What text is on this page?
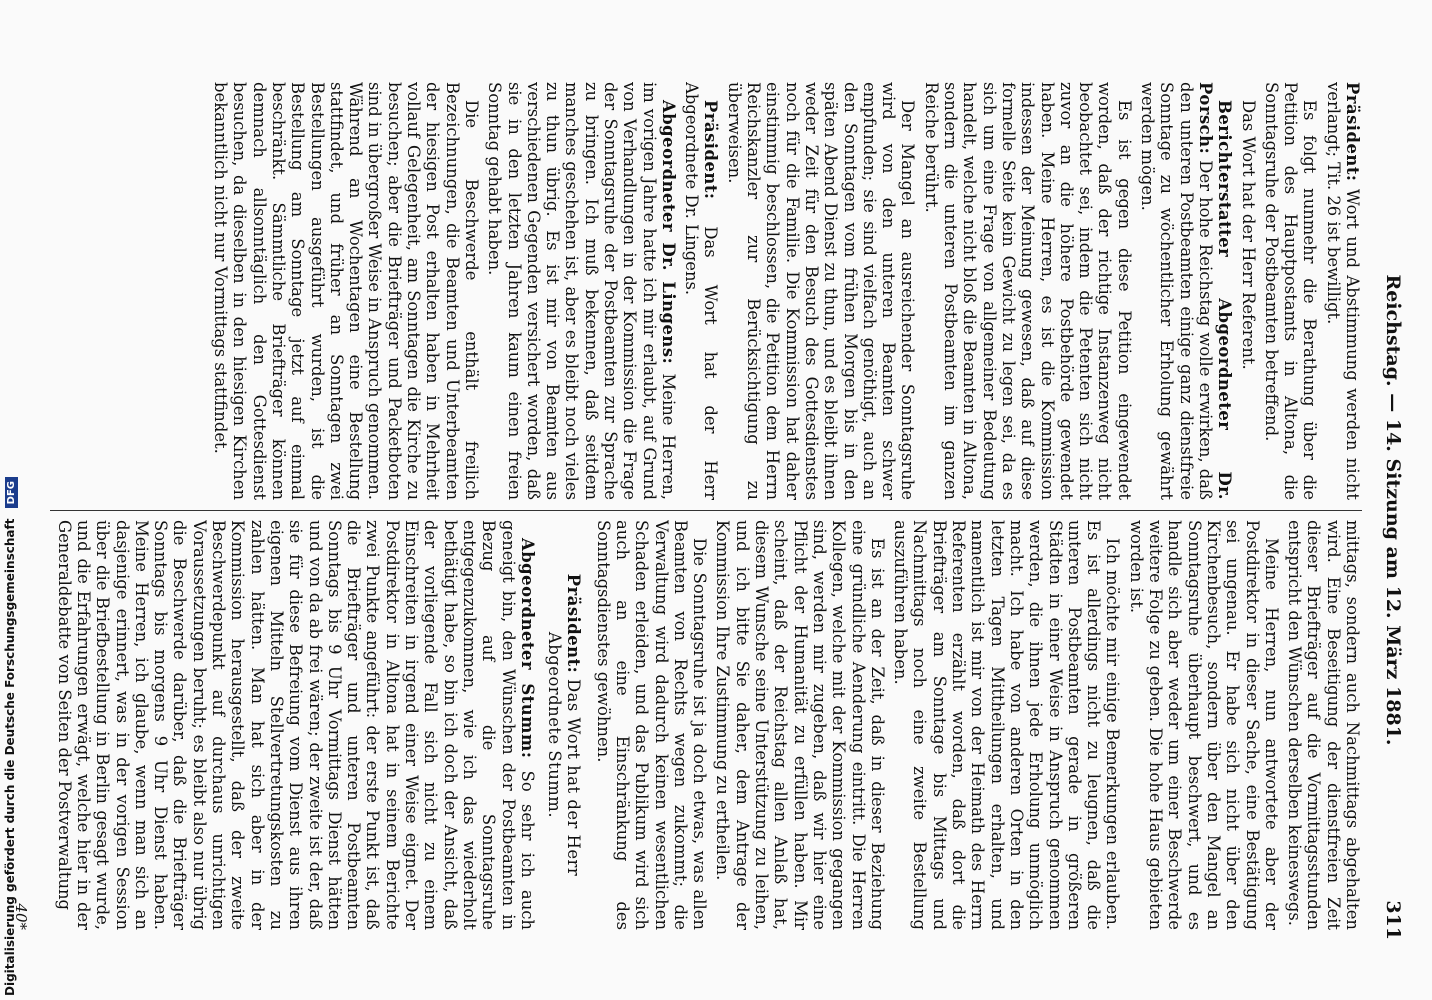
Reichstag. — 14. Sitzung am 12. März 1881.
311

Präsident: Wort und Abstimmung werden nicht verlangt; Tit. 26 ist bewilligt.

Es folgt nunmehr die Berathung über die Petition des Hauptpostamts in Altona, die Sonntagsruhe der Postbeamten betreffend.

Das Wort hat der Herr Referent.

Berichterstatter Abgeordneter Dr. Porsch: Der hohe Reichstag wolle erwirken, daß den unteren Postbeamten einige ganz dienstfreie Sonntage zu wöchentlicher Erholung gewährt werden mögen.

Es ist gegen diese Petition eingewendet worden, daß der richtige Instanzenweg nicht beobachtet sei, indem die Petenten sich nicht zuvor an die höhere Postbehörde gewendet haben. Meine Herren, es ist die Kommission indessen der Meinung gewesen, daß auf diese formelle Seite kein Gewicht zu legen sei, da es sich um eine Frage von allgemeiner Bedeutung handelt, welche nicht bloß die Beamten in Altona, sondern die unteren Postbeamten im ganzen Reiche berührt.

Der Mangel an ausreichender Sonntagsruhe wird von den unteren Beamten schwer empfunden; sie sind vielfach genöthigt, auch an den Sonntagen vom frühen Morgen bis in den späten Abend Dienst zu thun, und es bleibt ihnen weder Zeit für den Besuch des Gottesdienstes noch für die Familie. Die Kommission hat daher einstimmig beschlossen, die Petition dem Herrn Reichskanzler zur Berücksichtigung zu überweisen.

Präsident: Das Wort hat der Herr Abgeordnete Dr. Lingens.

Abgeordneter Dr. Lingens: Meine Herren, im vorigen Jahre hatte ich mir erlaubt, auf Grund von Verhandlungen in der Kommission die Frage der Sonntagsruhe der Postbeamten zur Sprache zu bringen. Ich muß bekennen, daß seitdem manches geschehen ist, aber es bleibt noch vieles zu thun übrig. Es ist mir von Beamten aus verschiedenen Gegenden versichert worden, daß sie in den letzten Jahren kaum einen freien Sonntag gehabt haben.

Die Beschwerde enthält freilich Bezeichnungen, die Beamten und Unterbeamten der hiesigen Post erhalten haben in Mehrheit vollauf Gelegenheit, am Sonntagen die Kirche zu besuchen; aber die Briefträger und Packetboten sind in übergroßer Weise in Anspruch genommen. Während an Wochentagen eine Bestellung stattfindet, und früher an Sonntagen zwei Bestellungen ausgeführt wurden, ist die Bestellung am Sonntage jetzt auf einmal beschränkt. Sämmtliche Briefträger können demnach allsonntäglich den Gottesdienst besuchen, da dieselben in den hiesigen Kirchen bekanntlich nicht nur Vormittags stattfindet.

mittags, sondern auch Nachmittags abgehalten wird. Eine Beseitigung der dienstfreien Zeit dieser Briefträger auf die Vormittagsstunden entspricht den Wünschen derselben keineswegs.

Meine Herren, nun antwortete aber der Postdirektor in dieser Sache, eine Bestätigung sei ungenau. Er habe sich nicht über den Kirchenbesuch, sondern über den Mangel an Sonntagsruhe überhaupt beschwert, und es handle sich aber weder um einer Beschwerde weitere Folge zu geben. Die hohe Haus gebieten worden ist.

Ich möchte mir einige Bemerkungen erlauben. Es ist allerdings nicht zu leugnen, daß die unteren Postbeamten gerade in größeren Städten in einer Weise in Anspruch genommen werden, die ihnen jede Erholung unmöglich macht. Ich habe von anderen Orten in den letzten Tagen Mittheilungen erhalten, und namentlich ist mir von der Heimath des Herrn Referenten erzählt worden, daß dort die Briefträger am Sonntage bis Mittags und Nachmittags noch eine zweite Bestellung auszuführen haben.

Es ist an der Zeit, daß in dieser Beziehung eine gründliche Aenderung eintritt. Die Herren Kollegen, welche mit der Kommission gegangen sind, werden mir zugeben, daß wir hier eine Pflicht der Humanität zu erfüllen haben. Mir scheint, daß der Reichstag allen Anlaß hat, diesem Wunsche seine Unterstützung zu leihen, und ich bitte Sie daher, dem Antrage der Kommission Ihre Zustimmung zu ertheilen.

Die Sonntagsruhe ist ja doch etwas, was allen Beamten von Rechts wegen zukommt; die Verwaltung wird dadurch keinen wesentlichen Schaden erleiden, und das Publikum wird sich auch an eine Einschränkung des Sonntagsdienstes gewöhnen.

Präsident: Das Wort hat der Herr Abgeordnete Stumm.

Abgeordneter Stumm: So sehr ich auch geneigt bin, den Wünschen der Postbeamten in Bezug auf die Sonntagsruhe entgegenzukommen, wie ich das wiederholt bethätigt habe, so bin ich doch der Ansicht, daß der vorliegende Fall sich nicht zu einem Einschreiten in irgend einer Weise eignet. Der Postdirektor in Altona hat in seinem Berichte zwei Punkte angeführt: der erste Punkt ist, daß die Briefträger und unteren Postbeamten Sonntags bis 9 Uhr Vormittags Dienst hätten und von da ab frei wären; der zweite ist der, daß sie für diese Befreiung vom Dienst aus ihren eigenen Mitteln Stellvertretungskosten zu zahlen hätten. Man hat sich aber in der Kommission herausgestellt, daß der zweite Beschwerdepunkt auf durchaus unrichtigen Voraussetzungen beruht; es bleibt also nur übrig die Beschwerde darüber, daß die Briefträger Sonntags bis morgens 9 Uhr Dienst haben. Meine Herren, ich glaube, wenn man sich an dasjenige erinnert, was in der vorigen Session über die Briefbestellung in Berlin gesagt wurde, und die Erfahrungen erwägt, welche hier in der Generaldebatte von Seiten der Postverwaltung

40*
Digitalisierung gefördert durch die Deutsche Forschungsgemeinschaft DFG
